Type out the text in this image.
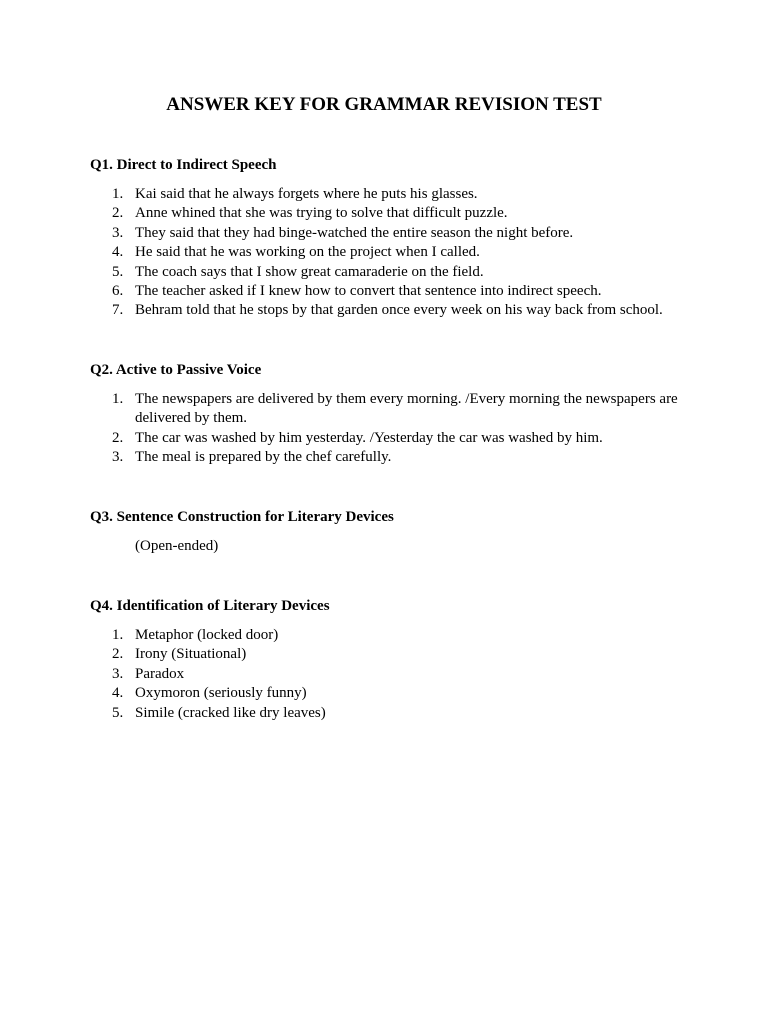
ANSWER KEY FOR GRAMMAR REVISION TEST
Q1. Direct to Indirect Speech
1. Kai said that he always forgets where he puts his glasses.
2. Anne whined that she was trying to solve that difficult puzzle.
3. They said that they had binge-watched the entire season the night before.
4. He said that he was working on the project when I called.
5. The coach says that I show great camaraderie on the field.
6. The teacher asked if I knew how to convert that sentence into indirect speech.
7. Behram told that he stops by that garden once every week on his way back from school.
Q2. Active to Passive Voice
1. The newspapers are delivered by them every morning. /Every morning the newspapers are delivered by them.
2. The car was washed by him yesterday. /Yesterday the car was washed by him.
3. The meal is prepared by the chef carefully.
Q3. Sentence Construction for Literary Devices

(Open-ended)

Q4. Identification of Literary Devices
1. Metaphor (locked door)
2. Irony (Situational)
3. Paradox
4. Oxymoron (seriously funny)
5. Simile (cracked like dry leaves)
